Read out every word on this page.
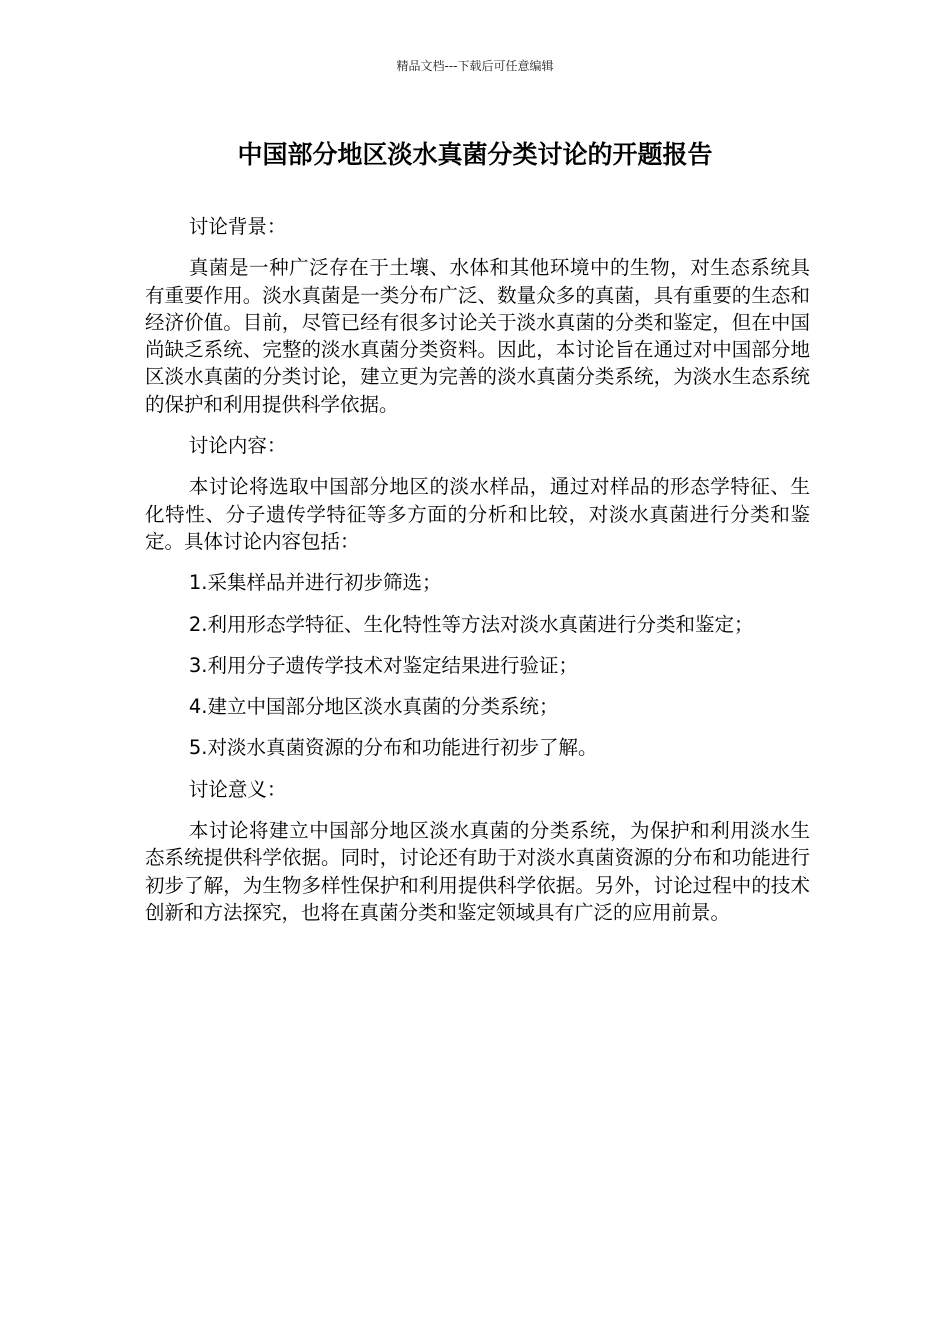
精品文档---下载后可任意编辑
中国部分地区淡水真菌分类讨论的开题报告

讨论背景：

真菌是一种广泛存在于土壤、水体和其他环境中的生物，对生态系统具有重要作用。淡水真菌是一类分布广泛、数量众多的真菌，具有重要的生态和经济价值。目前，尽管已经有很多讨论关于淡水真菌的分类和鉴定，但在中国尚缺乏系统、完整的淡水真菌分类资料。因此，本讨论旨在通过对中国部分地区淡水真菌的分类讨论，建立更为完善的淡水真菌分类系统，为淡水生态系统的保护和利用提供科学依据。

讨论内容：

本讨论将选取中国部分地区的淡水样品，通过对样品的形态学特征、生化特性、分子遗传学特征等多方面的分析和比较，对淡水真菌进行分类和鉴定。具体讨论内容包括：

1.采集样品并进行初步筛选；

2.利用形态学特征、生化特性等方法对淡水真菌进行分类和鉴定；

3.利用分子遗传学技术对鉴定结果进行验证；

4.建立中国部分地区淡水真菌的分类系统；

5.对淡水真菌资源的分布和功能进行初步了解。

讨论意义：

本讨论将建立中国部分地区淡水真菌的分类系统，为保护和利用淡水生态系统提供科学依据。同时，讨论还有助于对淡水真菌资源的分布和功能进行初步了解，为生物多样性保护和利用提供科学依据。另外，讨论过程中的技术创新和方法探究，也将在真菌分类和鉴定领域具有广泛的应用前景。
